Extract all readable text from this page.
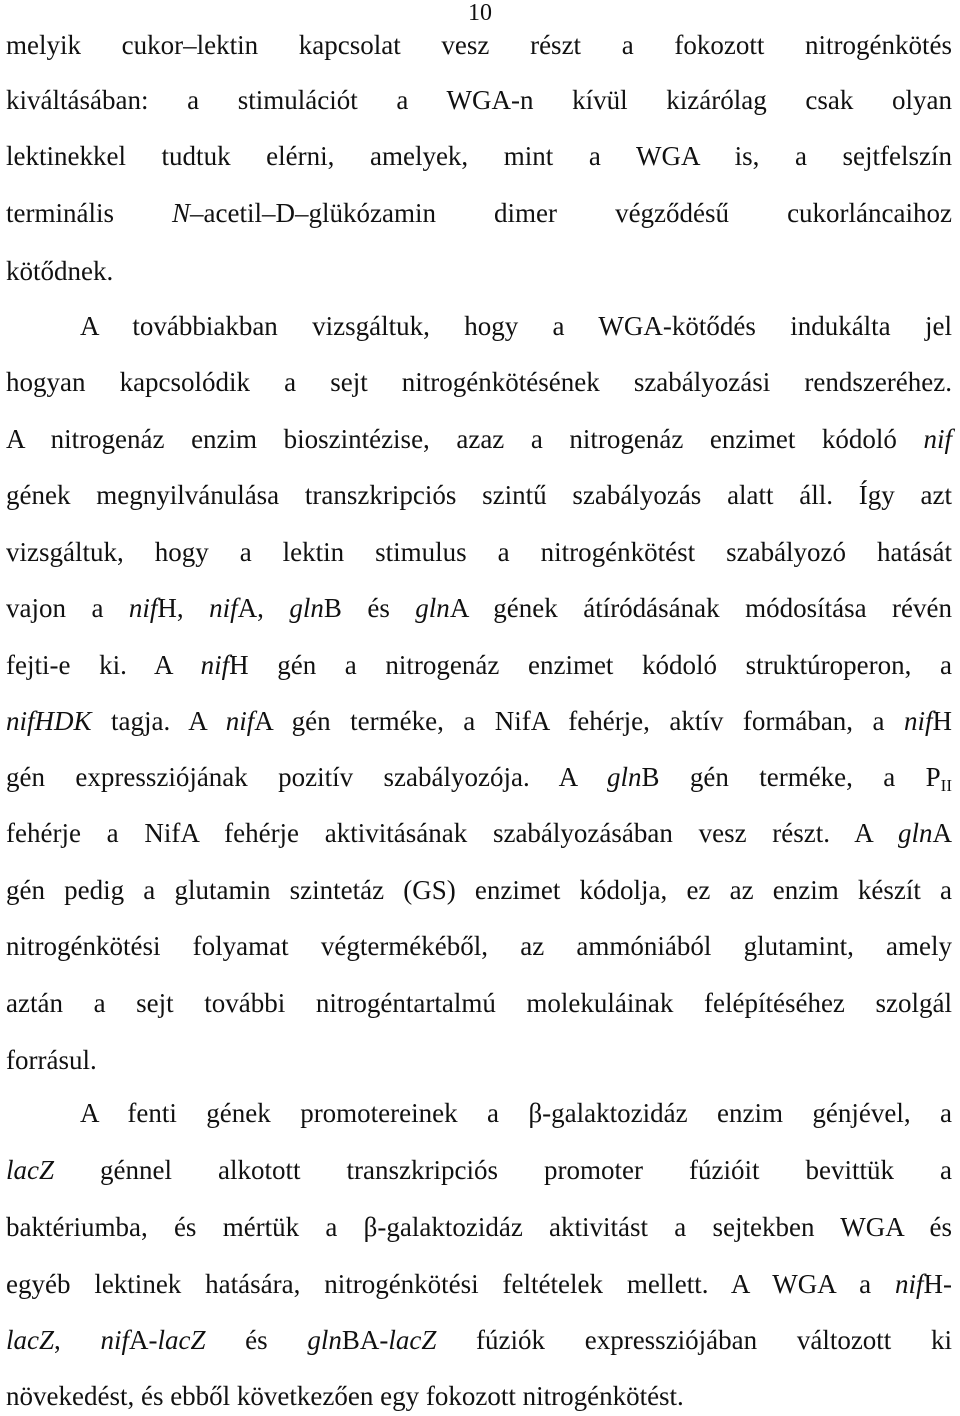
10
melyik cukor–lektin kapcsolat vesz részt a fokozott nitrogénkötés
kiváltásában: a stimulációt a WGA-n kívül kizárólag csak olyan
lektinekkel tudtuk elérni, amelyek, mint a WGA is, a sejtfelszín
terminális N–acetil–D–glükózamin dimer végződésű cukorláncaihoz
kötődnek.
A továbbiakban vizsgáltuk, hogy a WGA-kötődés indukálta jel
hogyan kapcsolódik a sejt nitrogénkötésének szabályozási rendszeréhez.
A nitrogenáz enzim bioszintézise, azaz a nitrogenáz enzimet kódoló nif
gének megnyilvánulása transzkripciós szintű szabályozás alatt áll. Így azt
vizsgáltuk, hogy a lektin stimulus a nitrogénkötést szabályozó hatását
vajon a nifH, nifA, glnB és glnA gének átíródásának módosítása révén
fejti-e ki. A nifH gén a nitrogenáz enzimet kódoló struktúroperon, a
nifHDK tagja. A nifA gén terméke, a NifA fehérje, aktív formában, a nifH
gén expressziójának pozitív szabályozója. A glnB gén terméke, a $P_{II}$
fehérje a NifA fehérje aktivitásának szabályozásában vesz részt. A glnA
gén pedig a glutamin szintetáz (GS) enzimet kódolja, ez az enzim készít a
nitrogénkötési folyamat végtermékéből, az ammóniából glutamint, amely
aztán a sejt további nitrogéntartalmú molekuláinak felépítéséhez szolgál
forrásul.
A fenti gének promotereinek a β-galaktozidáz enzim génjével, a
lacZ génnel alkotott transzkripciós promoter fúzióit bevittük a
baktériumba, és mértük a β-galaktozidáz aktivitást a sejtekben WGA és
egyéb lektinek hatására, nitrogénkötési feltételek mellett. A WGA a nifH-
lacZ, nifA-lacZ és glnBA-lacZ fúziók expressziójában változott ki
növekedést, és ebből következően egy fokozott nitrogénkötést.
